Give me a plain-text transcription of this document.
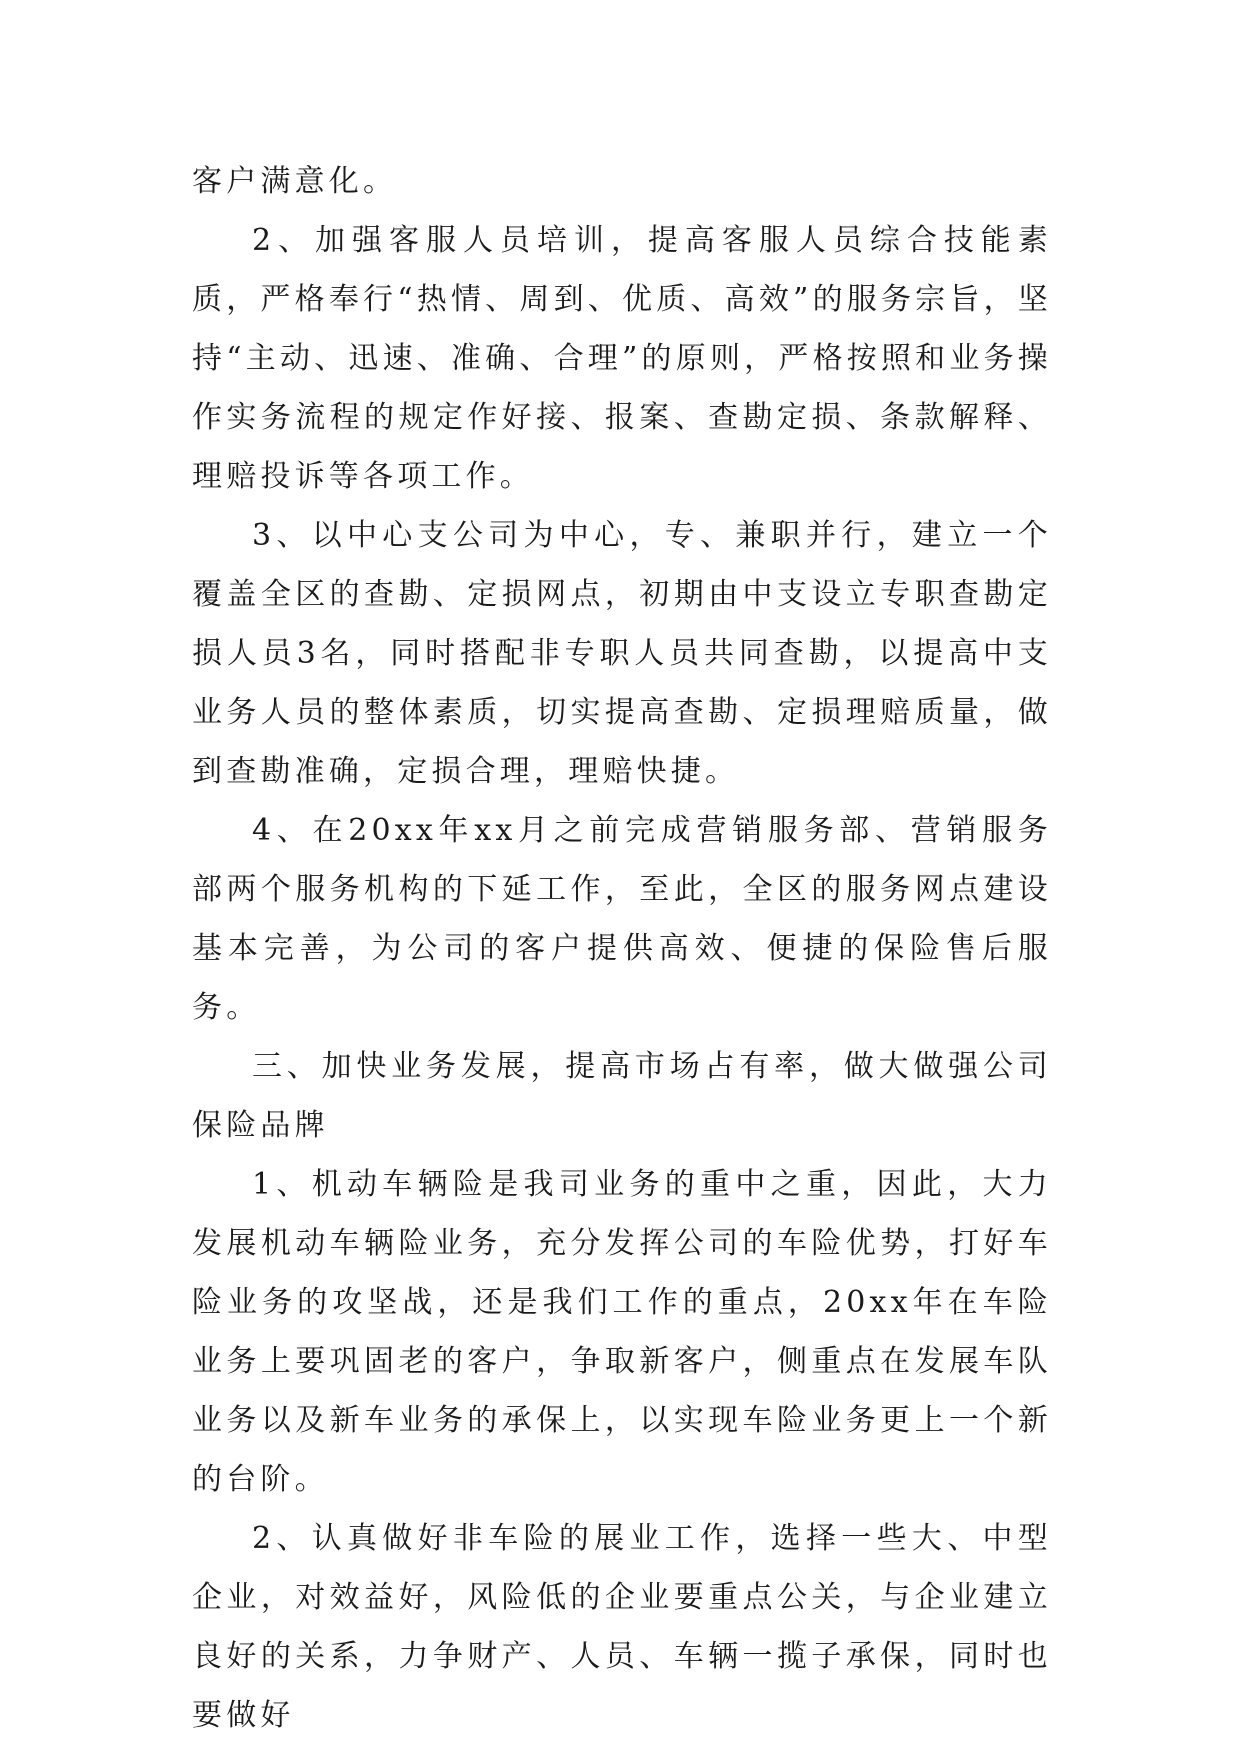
客户满意化。

2、加强客服人员培训，提高客服人员综合技能素质，严格奉行“热情、周到、优质、高效”的服务宗旨，坚持“主动、迅速、准确、合理”的原则，严格按照和业务操作实务流程的规定作好接、报案、查勘定损、条款解释、理赔投诉等各项工作。

3、以中心支公司为中心，专、兼职并行，建立一个覆盖全区的查勘、定损网点，初期由中支设立专职查勘定损人员3名，同时搭配非专职人员共同查勘，以提高中支业务人员的整体素质，切实提高查勘、定损理赔质量，做到查勘准确，定损合理，理赔快捷。

4、在20xx年xx月之前完成营销服务部、营销服务部两个服务机构的下延工作，至此，全区的服务网点建设基本完善，为公司的客户提供高效、便捷的保险售后服务。

三、加快业务发展，提高市场占有率，做大做强公司保险品牌

1、机动车辆险是我司业务的重中之重，因此，大力发展机动车辆险业务，充分发挥公司的车险优势，打好车险业务的攻坚战，还是我们工作的重点，20xx年在车险业务上要巩固老的客户，争取新客户，侧重点在发展车队业务以及新车业务的承保上，以实现车险业务更上一个新的台阶。

2、认真做好非车险的展业工作，选择一些大、中型企业，对效益好，风险低的企业要重点公关，与企业建立良好的关系，力争财产、人员、车辆一揽子承保，同时也要做好
